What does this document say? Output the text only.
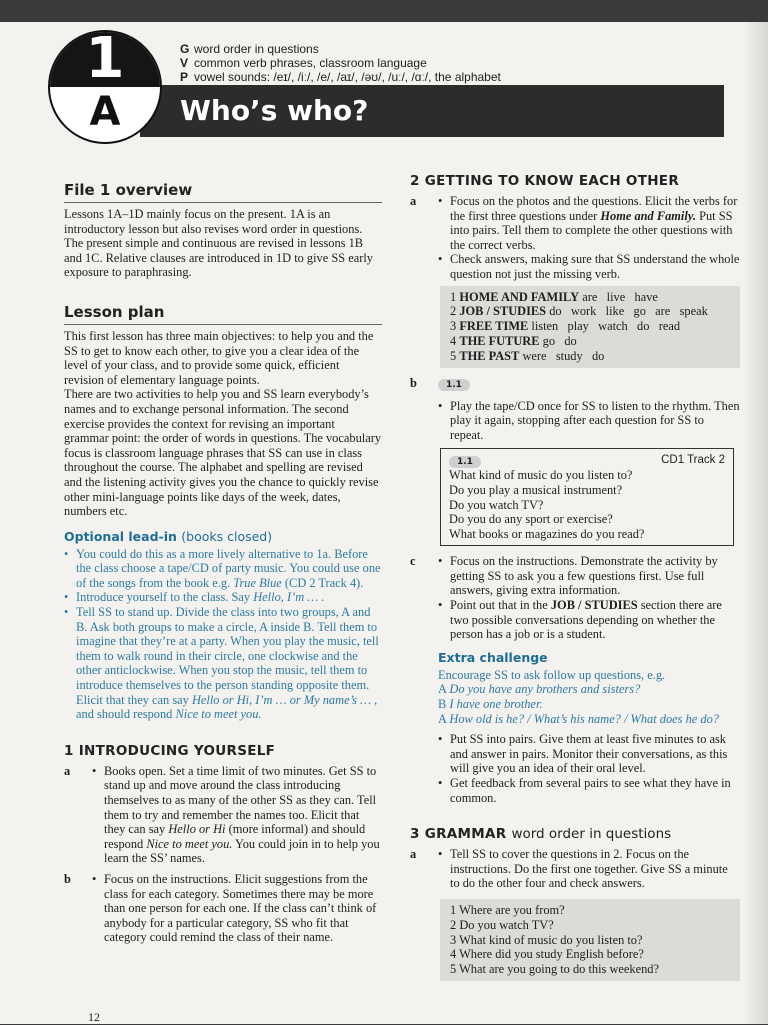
Who’s who?
1
A
G word order in questions
V common verb phrases, classroom language
P vowel sounds: /eɪ/, /iː/, /e/, /aɪ/, /əʊ/, /uː/, /ɑː/, the alphabet
File 1 overview

Lessons 1A–1D mainly focus on the present. 1A is an introductory lesson but also revises word order in questions. The present simple and continuous are revised in lessons 1B and 1C. Relative clauses are introduced in 1D to give SS early exposure to paraphrasing.

Lesson plan

This first lesson has three main objectives: to help you and the SS to get to know each other, to give you a clear idea of the level of your class, and to provide some quick, efficient revision of elementary language points.

There are two activities to help you and SS learn everybody’s names and to exchange personal information. The second exercise provides the context for revising an important grammar point: the order of words in questions. The vocabulary focus is classroom language phrases that SS can use in class throughout the course. The alphabet and spelling are revised and the listening activity gives you the chance to quickly revise other mini-language points like days of the week, dates, numbers etc.

Optional lead-in (books closed)

• You could do this as a more lively alternative to 1a. Before the class choose a tape/CD of party music. You could use one of the songs from the book e.g. True Blue (CD 2 Track 4).

• Introduce yourself to the class. Say Hello, I’m … .

• Tell SS to stand up. Divide the class into two groups, A and B. Ask both groups to make a circle, A inside B. Tell them to imagine that they’re at a party. When you play the music, tell them to walk round in their circle, one clockwise and the other anticlockwise. When you stop the music, tell them to introduce themselves to the person standing opposite them. Elicit that they can say Hello or Hi, I’m … or My name’s … , and should respond Nice to meet you.

1 INTRODUCING YOURSELF
a	• Books open. Set a time limit of two minutes. Get SS to stand up and move around the class introducing themselves to as many of the other SS as they can. Tell them to try and remember the names too. Elicit that they can say Hello or Hi (more informal) and should respond Nice to meet you. You could join in to help you learn the SS’ names.

b	• Focus on the instructions. Elicit suggestions from the class for each category. Sometimes there may be more than one person for each one. If the class can’t think of anybody for a particular category, SS who fit that category could remind the class of their name.

2 GETTING TO KNOW EACH OTHER
a	• Focus on the photos and the questions. Elicit the verbs for the first three questions under Home and Family. Put SS into pairs. Tell them to complete the other questions with the correct verbs.

• Check answers, making sure that SS understand the whole question not just the missing verb.

1 HOME AND FAMILY are   live   have
2 JOB / STUDIES do   work   like   go   are   speak
3 FREE TIME listen   play   watch   do   read
4 THE FUTURE go   do
5 THE PAST were   study   do
b	1.1

• Play the tape/CD once for SS to listen to the rhythm. Then play it again, stopping after each question for SS to repeat.

1.1	CD1 Track 2
What kind of music do you listen to?
Do you play a musical instrument?
Do you watch TV?
Do you do any sport or exercise?
What books or magazines do you read?
c	• Focus on the instructions. Demonstrate the activity by getting SS to ask you a few questions first. Use full answers, giving extra information.

• Point out that in the JOB / STUDIES section there are two possible conversations depending on whether the person has a job or is a student.

Extra challenge
Encourage SS to ask follow up questions, e.g.
A Do you have any brothers and sisters?
B I have one brother.
A How old is he? / What’s his name? / What does he do?

• Put SS into pairs. Give them at least five minutes to ask and answer in pairs. Monitor their conversations, as this will give you an idea of their oral level.

• Get feedback from several pairs to see what they have in common.

3 GRAMMAR word order in questions
a	• Tell SS to cover the questions in 2. Focus on the instructions. Do the first one together. Give SS a minute to do the other four and check answers.

1 Where are you from?
2 Do you watch TV?
3 What kind of music do you listen to?
4 Where did you study English before?
5 What are you going to do this weekend?
12
